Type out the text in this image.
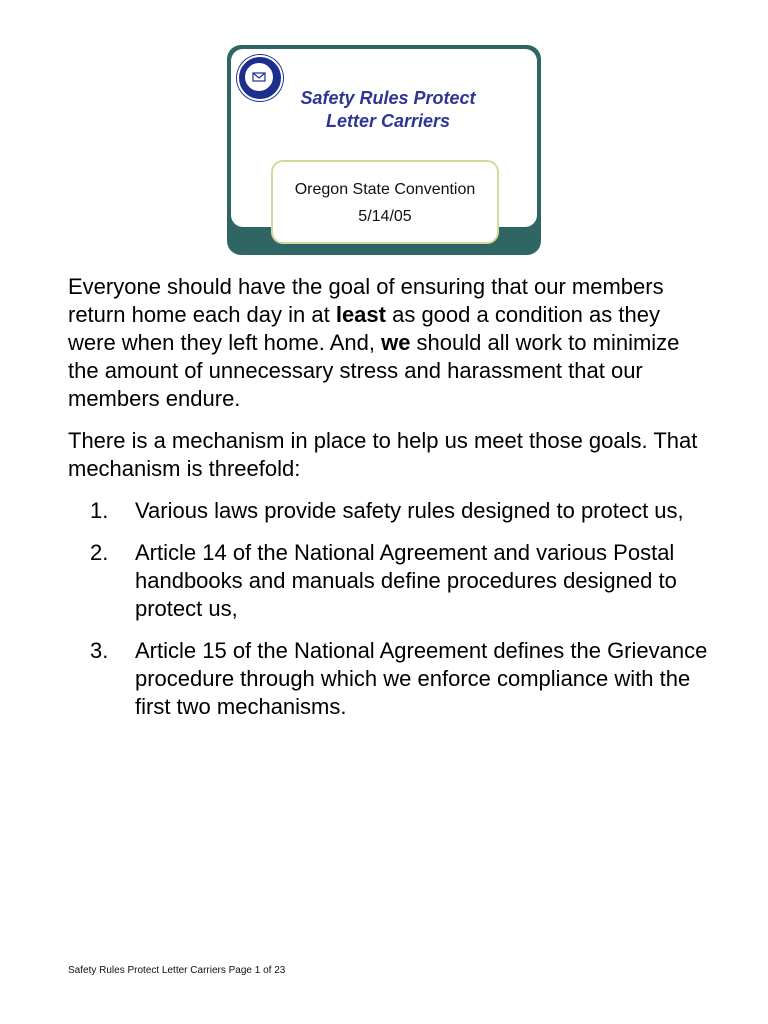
Safety Rules Protect
Letter Carriers
Oregon State Convention
5/14/05

Everyone should have the goal of ensuring that our members return home each day in at least as good a condition as they were when they left home. And, we should all work to minimize the amount of unnecessary stress and harassment that our members endure.

There is a mechanism in place to help us meet those goals. That mechanism is threefold:

1. Various laws provide safety rules designed to protect us,
2. Article 14 of the National Agreement and various Postal handbooks and manuals define procedures designed to protect us,
3. Article 15 of the National Agreement defines the Grievance procedure through which we enforce compliance with the first two mechanisms.
Safety Rules Protect Letter Carriers Page 1 of 23
